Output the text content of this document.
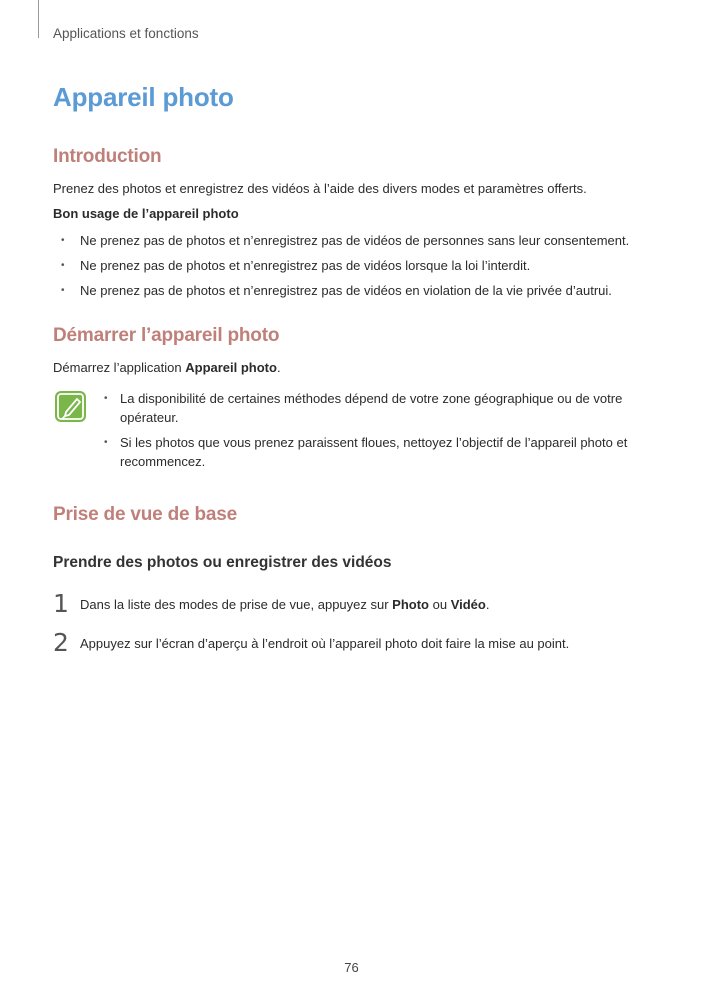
Applications et fonctions
Appareil photo
Introduction

Prenez des photos et enregistrez des vidéos à l’aide des divers modes et paramètres offerts.

Bon usage de l’appareil photo

• Ne prenez pas de photos et n’enregistrez pas de vidéos de personnes sans leur consentement.
• Ne prenez pas de photos et n’enregistrez pas de vidéos lorsque la loi l’interdit.
• Ne prenez pas de photos et n’enregistrez pas de vidéos en violation de la vie privée d’autrui.
Démarrer l’appareil photo

Démarrez l’application Appareil photo.

• La disponibilité de certaines méthodes dépend de votre zone géographique ou de votre opérateur.
• Si les photos que vous prenez paraissent floues, nettoyez l’objectif de l’appareil photo et recommencez.
Prise de vue de base
Prendre des photos ou enregistrer des vidéos
1 Dans la liste des modes de prise de vue, appuyez sur Photo ou Vidéo.
2 Appuyez sur l’écran d’aperçu à l’endroit où l’appareil photo doit faire la mise au point.
76
